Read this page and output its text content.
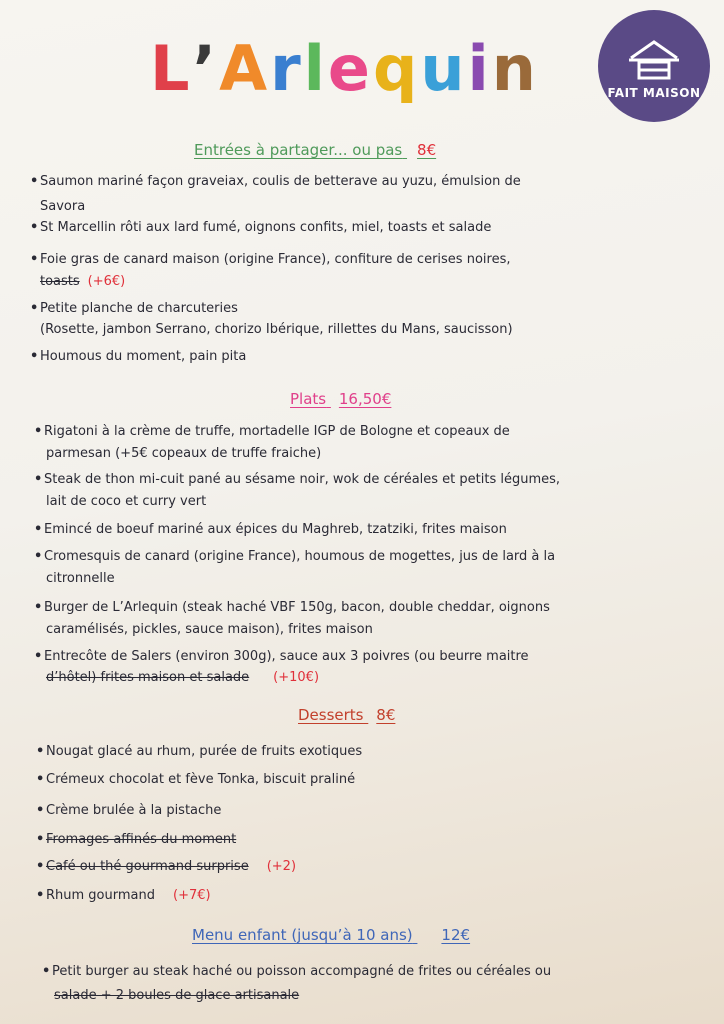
L’Arlequin	FAIT MAISON
Entrées à partager... ou pas 8€
• Saumon mariné façon graveiax, coulis de betterave au yuzu, émulsion de
Savora
• St Marcellin rôti aux lard fumé, oignons confits, miel, toasts et salade
• Foie gras de canard maison (origine France), confiture de cerises noires,
toasts (+6€)
• Petite planche de charcuteries
(Rosette, jambon Serrano, chorizo Ibérique, rillettes du Mans, saucisson)
• Houmous du moment, pain pita
Plats 16,50€
• Rigatoni à la crème de truffe, mortadelle IGP de Bologne et copeaux de
parmesan (+5€ copeaux de truffe fraiche)
• Steak de thon mi-cuit pané au sésame noir, wok de céréales et petits légumes,
lait de coco et curry vert
• Emincé de boeuf mariné aux épices du Maghreb, tzatziki, frites maison
• Cromesquis de canard (origine France), houmous de mogettes, jus de lard à la
citronnelle
• Burger de L’Arlequin (steak haché VBF 150g, bacon, double cheddar, oignons
caramélisés, pickles, sauce maison), frites maison
• Entrecôte de Salers (environ 300g), sauce aux 3 poivres (ou beurre maitre
d’hôtel) frites maison et salade (+10€)
Desserts 8€
• Nougat glacé au rhum, purée de fruits exotiques
• Crémeux chocolat et fève Tonka, biscuit praliné
• Crème brulée à la pistache
• Fromages affinés du moment
• Café ou thé gourmand surprise (+2)
• Rhum gourmand (+7€)
Menu enfant (jusqu’à 10 ans) 12€
• Petit burger au steak haché ou poisson accompagné de frites ou céréales ou
salade + 2 boules de glace artisanale
